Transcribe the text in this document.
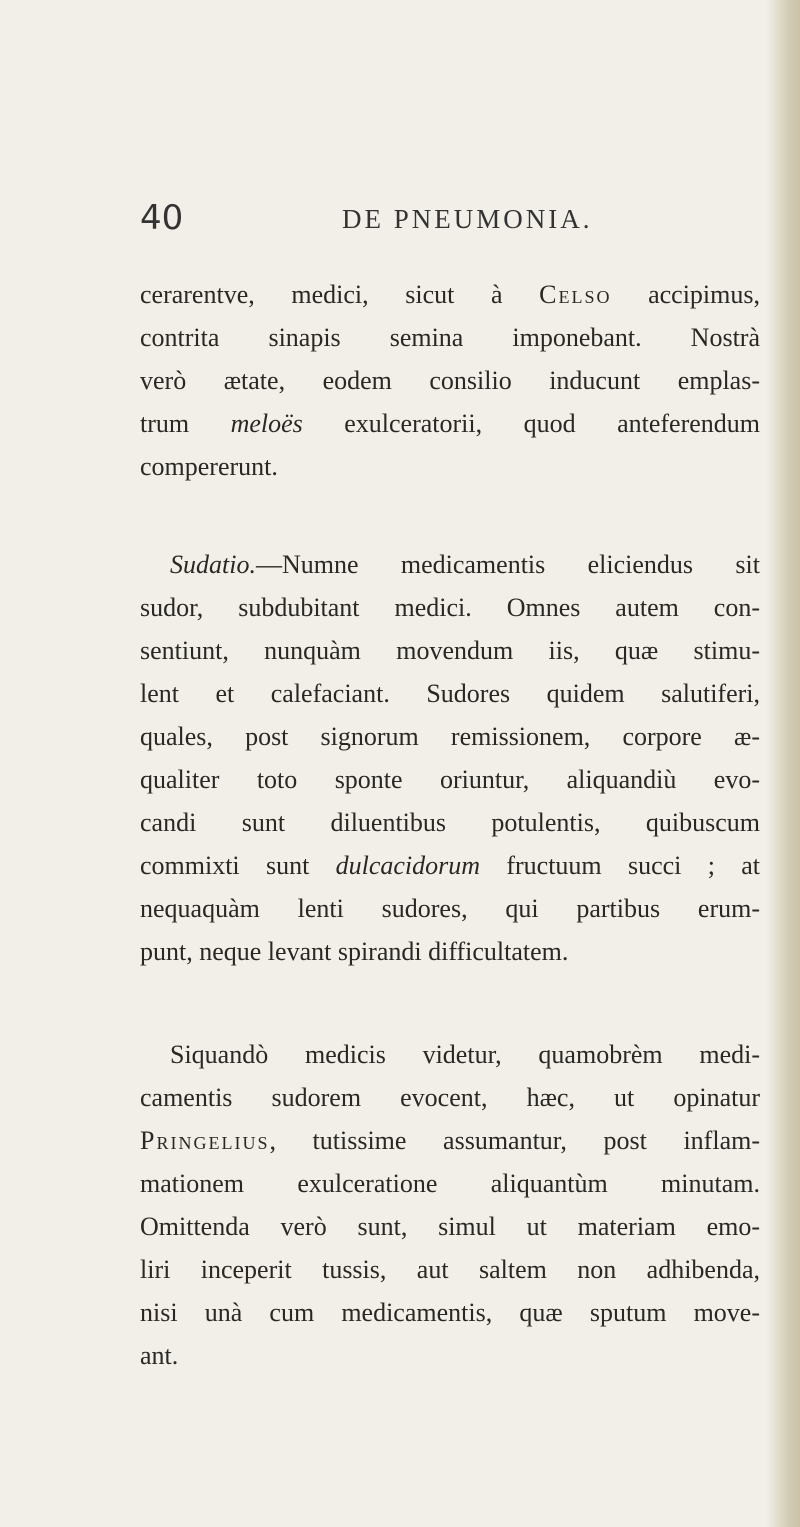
40	DE PNEUMONIA.
cerarentve, medici, sicut à Celso accipimus,
contrita sinapis semina imponebant. Nostrà
verò ætate, eodem consilio inducunt emplas-
trum meloës exulceratorii, quod anteferendum
compererunt.
Sudatio.—Numne medicamentis eliciendus sit
sudor, subdubitant medici. Omnes autem con-
sentiunt, nunquàm movendum iis, quæ stimu-
lent et calefaciant. Sudores quidem salutiferi,
quales, post signorum remissionem, corpore æ-
qualiter toto sponte oriuntur, aliquandiù evo-
candi sunt diluentibus potulentis, quibuscum
commixti sunt dulcacidorum fructuum succi ; at
nequaquàm lenti sudores, qui partibus erum-
punt, neque levant spirandi difficultatem.
Siquandò medicis videtur, quamobrèm medi-
camentis sudorem evocent, hæc, ut opinatur
Pringelius, tutissime assumantur, post inflam-
mationem exulceratione aliquantùm minutam.
Omittenda verò sunt, simul ut materiam emo-
liri inceperit tussis, aut saltem non adhibenda,
nisi unà cum medicamentis, quæ sputum move-
ant.
